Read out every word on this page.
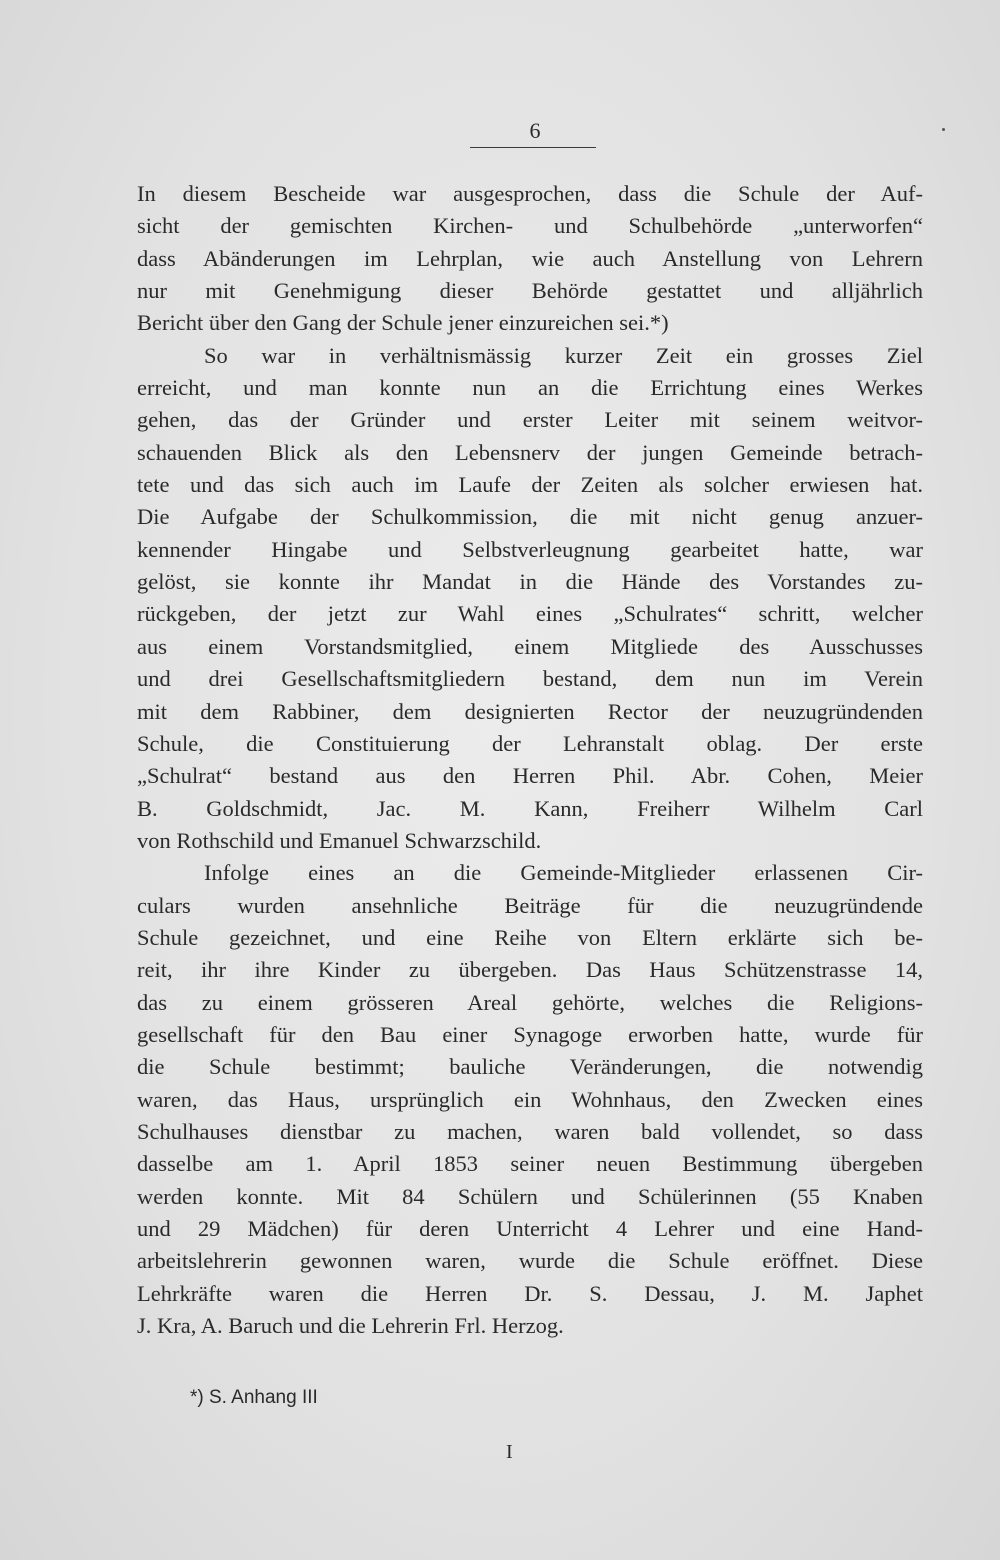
6
In diesem Bescheide war ausgesprochen, dass die Schule der Auf-
sicht der gemischten Kirchen- und Schulbehörde „unterworfen“
dass Abänderungen im Lehrplan, wie auch Anstellung von Lehrern
nur mit Genehmigung dieser Behörde gestattet und alljährlich
Bericht über den Gang der Schule jener einzureichen sei.*)
So war in verhältnismässig kurzer Zeit ein grosses Ziel
erreicht, und man konnte nun an die Errichtung eines Werkes
gehen, das der Gründer und erster Leiter mit seinem weitvor-
schauenden Blick als den Lebensnerv der jungen Gemeinde betrach-
tete und das sich auch im Laufe der Zeiten als solcher erwiesen hat.
Die Aufgabe der Schulkommission, die mit nicht genug anzuer-
kennender Hingabe und Selbstverleugnung gearbeitet hatte, war
gelöst, sie konnte ihr Mandat in die Hände des Vorstandes zu-
rückgeben, der jetzt zur Wahl eines „Schulrates“ schritt, welcher
aus einem Vorstandsmitglied, einem Mitgliede des Ausschusses
und drei Gesellschaftsmitgliedern bestand, dem nun im Verein
mit dem Rabbiner, dem designierten Rector der neuzugründenden
Schule, die Constituierung der Lehranstalt oblag. Der erste
„Schulrat“ bestand aus den Herren Phil. Abr. Cohen, Meier
B. Goldschmidt, Jac. M. Kann, Freiherr Wilhelm Carl
von Rothschild und Emanuel Schwarzschild.
Infolge eines an die Gemeinde-Mitglieder erlassenen Cir-
culars wurden ansehnliche Beiträge für die neuzugründende
Schule gezeichnet, und eine Reihe von Eltern erklärte sich be-
reit, ihr ihre Kinder zu übergeben. Das Haus Schützenstrasse 14,
das zu einem grösseren Areal gehörte, welches die Religions-
gesellschaft für den Bau einer Synagoge erworben hatte, wurde für
die Schule bestimmt; bauliche Veränderungen, die notwendig
waren, das Haus, ursprünglich ein Wohnhaus, den Zwecken eines
Schulhauses dienstbar zu machen, waren bald vollendet, so dass
dasselbe am 1. April 1853 seiner neuen Bestimmung übergeben
werden konnte. Mit 84 Schülern und Schülerinnen (55 Knaben
und 29 Mädchen) für deren Unterricht 4 Lehrer und eine Hand-
arbeitslehrerin gewonnen waren, wurde die Schule eröffnet. Diese
Lehrkräfte waren die Herren Dr. S. Dessau, J. M. Japhet
J. Kra, A. Baruch und die Lehrerin Frl. Herzog.
*) S. Anhang III
I
